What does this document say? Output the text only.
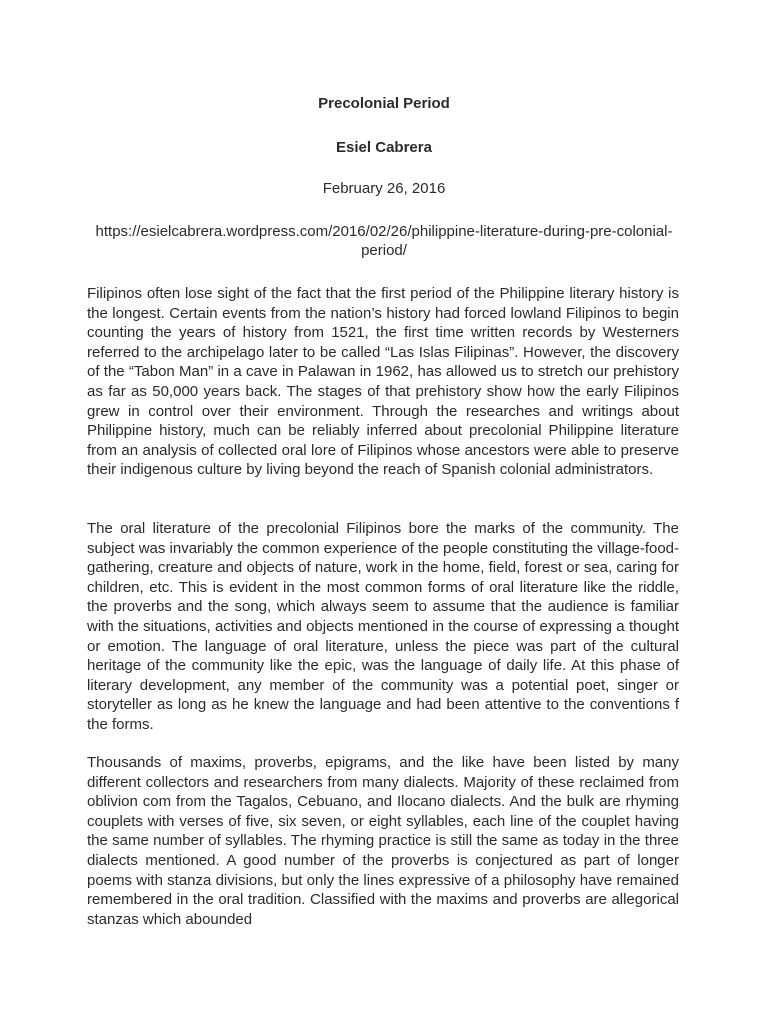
Precolonial Period

Esiel Cabrera

February 26, 2016

https://esielcabrera.wordpress.com/2016/02/26/philippine-literature-during-pre-colonial-period/

Filipinos often lose sight of the fact that the first period of the Philippine literary history is the longest. Certain events from the nation’s history had forced lowland Filipinos to begin counting the years of history from 1521, the first time written records by Westerners referred to the archipelago later to be called “Las Islas Filipinas”. However, the discovery of the “Tabon Man” in a cave in Palawan in 1962, has allowed us to stretch our prehistory as far as 50,000 years back. The stages of that prehistory show how the early Filipinos grew in control over their environment. Through the researches and writings about Philippine history, much can be reliably inferred about precolonial Philippine literature from an analysis of collected oral lore of Filipinos whose ancestors were able to preserve their indigenous culture by living beyond the reach of Spanish colonial administrators.

The oral literature of the precolonial Filipinos bore the marks of the community. The subject was invariably the common experience of the people constituting the village-food-gathering, creature and objects of nature, work in the home, field, forest or sea, caring for children, etc. This is evident in the most common forms of oral literature like the riddle, the proverbs and the song, which always seem to assume that the audience is familiar with the situations, activities and objects mentioned in the course of expressing a thought or emotion. The language of oral literature, unless the piece was part of the cultural heritage of the community like the epic, was the language of daily life. At this phase of literary development, any member of the community was a potential poet, singer or storyteller as long as he knew the language and had been attentive to the conventions f the forms.

Thousands of maxims, proverbs, epigrams, and the like have been listed by many different collectors and researchers from many dialects. Majority of these reclaimed from oblivion com from the Tagalos, Cebuano, and Ilocano dialects. And the bulk are rhyming couplets with verses of five, six seven, or eight syllables, each line of the couplet having the same number of syllables. The rhyming practice is still the same as today in the three dialects mentioned. A good number of the proverbs is conjectured as part of longer poems with stanza divisions, but only the lines expressive of a philosophy have remained remembered in the oral tradition. Classified with the maxims and proverbs are allegorical stanzas which abounded
